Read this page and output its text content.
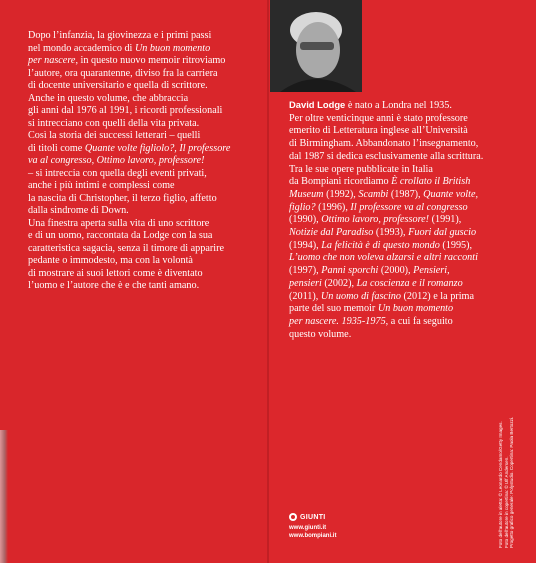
Dopo l’infanzia, la giovinezza e i primi passi

nel mondo accademico di Un buon momento

per nascere, in questo nuovo memoir ritroviamo

l’autore, ora quarantenne, diviso fra la carriera

di docente universitario e quella di scrittore.

Anche in questo volume, che abbraccia

gli anni dal 1976 al 1991, i ricordi professionali

si intrecciano con quelli della vita privata.

Così la storia dei successi letterari – quelli

di titoli come Quante volte figliolo?, Il professore

va al congresso, Ottimo lavoro, professore!

– si intreccia con quella degli eventi privati,

anche i più intimi e complessi come

la nascita di Christopher, il terzo figlio, affetto

dalla sindrome di Down.

Una finestra aperta sulla vita di uno scrittore

e di un uomo, raccontata da Lodge con la sua

caratteristica sagacia, senza il timore di apparire

pedante o immodesto, ma con la volontà

di mostrare ai suoi lettori come è diventato

l’uomo e l’autore che è e che tanti amano.

David Lodge è nato a Londra nel 1935.

Per oltre venticinque anni è stato professore

emerito di Letteratura inglese all’Università

di Birmingham. Abbandonato l’insegnamento,

dal 1987 si dedica esclusivamente alla scrittura.

Tra le sue opere pubblicate in Italia

da Bompiani ricordiamo È crollato il British

Museum (1992), Scambi (1987), Quante volte,

figlio? (1996), Il professore va al congresso

(1990), Ottimo lavoro, professore! (1991),

Notizie dal Paradiso (1993), Fuori dal guscio

(1994), La felicità è di questo mondo (1995),

L’uomo che non voleva alzarsi e altri racconti

(1997), Panni sporchi (2000), Pensieri,

pensieri (2002), La coscienza e il romanzo

(2011), Un uomo di fascino (2012) e la prima

parte del suo memoir Un buon momento

per nascere. 1935-1975, a cui fa seguito

questo volume.

GIUNTI
www.giunti.it
www.bompiani.it	Foto dell’autore in aletta: © Leonardo Cendamo/Getty Images. Foto dell’autore in copertina: © Ulf Andersen. Progetto grafico generale: Polystudio. Copertina: Paola Bertozzi.
